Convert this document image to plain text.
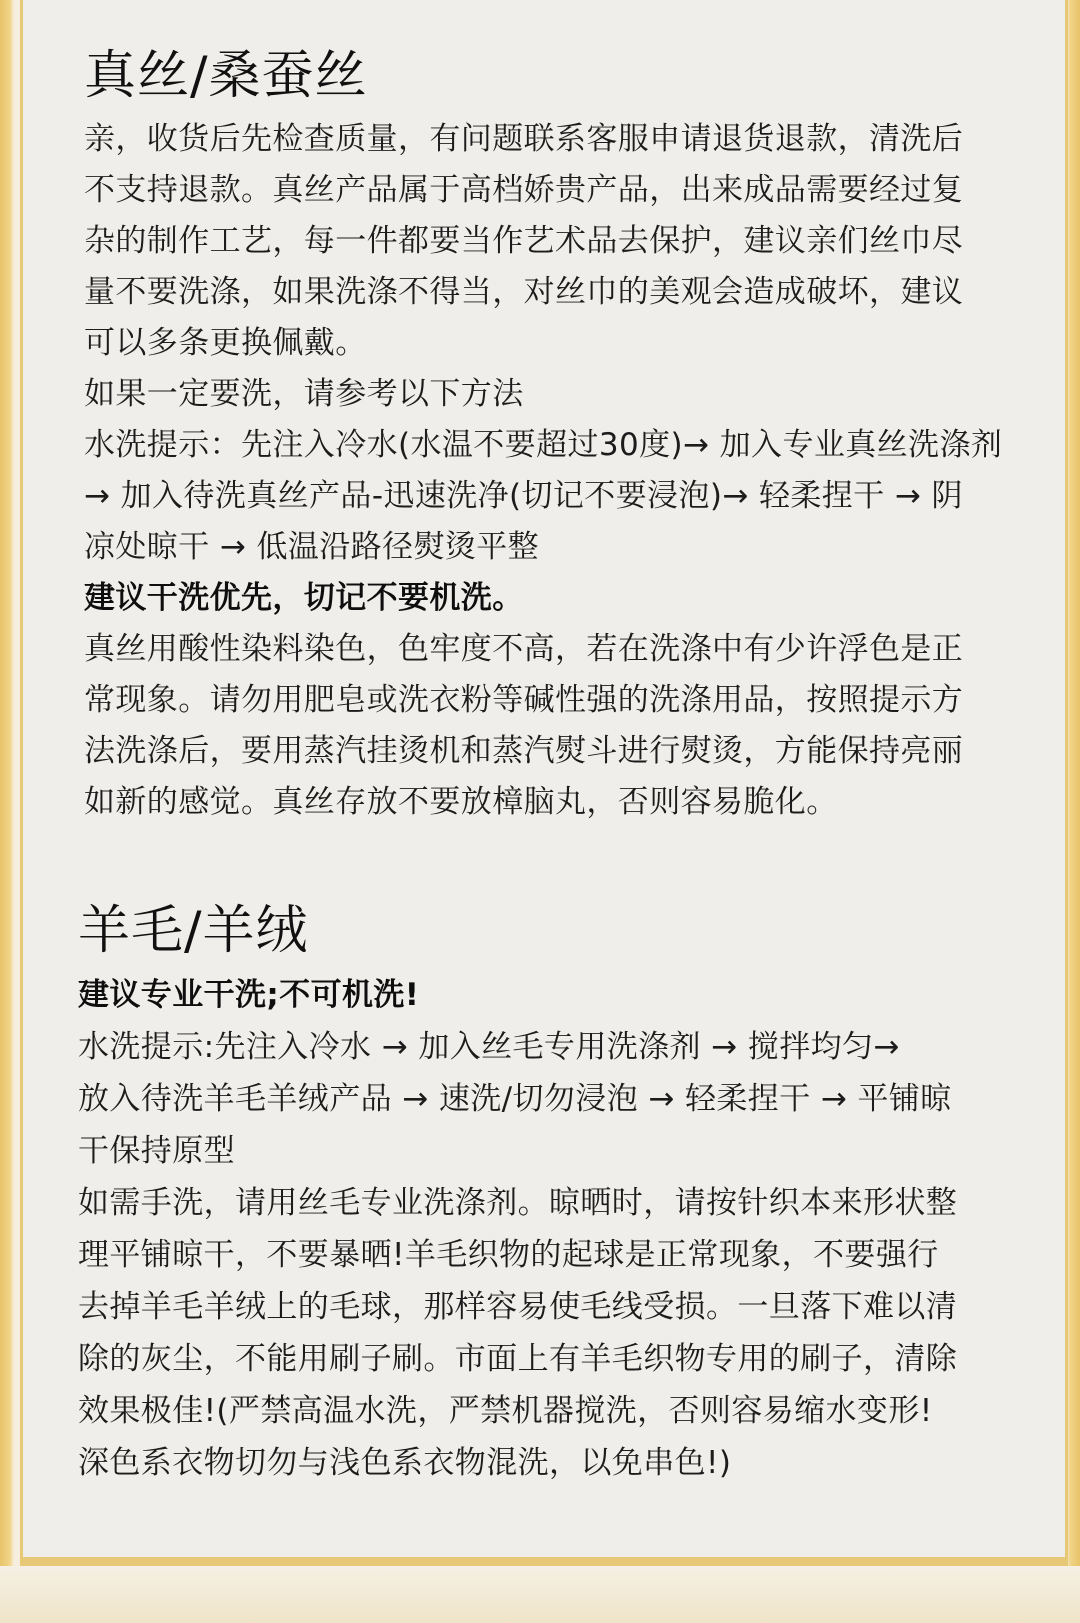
真丝/桑蚕丝

亲，收货后先检查质量，有问题联系客服申请退货退款，清洗后

不支持退款。真丝产品属于高档娇贵产品，出来成品需要经过复

杂的制作工艺，每一件都要当作艺术品去保护，建议亲们丝巾尽

量不要洗涤，如果洗涤不得当，对丝巾的美观会造成破坏，建议

可以多条更换佩戴。

如果一定要洗，请参考以下方法

水洗提示：先注入冷水(水温不要超过30度)→ 加入专业真丝洗涤剂

→ 加入待洗真丝产品-迅速洗净(切记不要浸泡)→ 轻柔捏干 → 阴

凉处晾干 → 低温沿路径熨烫平整

建议干洗优先，切记不要机洗。

真丝用酸性染料染色，色牢度不高，若在洗涤中有少许浮色是正

常现象。请勿用肥皂或洗衣粉等碱性强的洗涤用品，按照提示方

法洗涤后，要用蒸汽挂烫机和蒸汽熨斗进行熨烫，方能保持亮丽

如新的感觉。真丝存放不要放樟脑丸，否则容易脆化。

羊毛/羊绒

建议专业干洗;不可机洗!

水洗提示:先注入冷水 → 加入丝毛专用洗涤剂 → 搅拌均匀→

放入待洗羊毛羊绒产品 → 速洗/切勿浸泡 → 轻柔捏干 → 平铺晾

干保持原型

如需手洗，请用丝毛专业洗涤剂。晾晒时，请按针织本来形状整

理平铺晾干，不要暴晒!羊毛织物的起球是正常现象，不要强行

去掉羊毛羊绒上的毛球，那样容易使毛线受损。一旦落下难以清

除的灰尘，不能用刷子刷。市面上有羊毛织物专用的刷子，清除

效果极佳!(严禁高温水洗，严禁机器搅洗，否则容易缩水变形!

深色系衣物切勿与浅色系衣物混洗，以免串色!)
